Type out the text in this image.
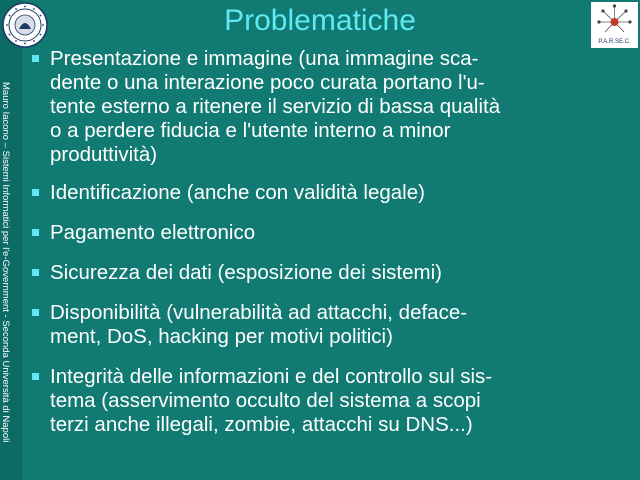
Mauro Iacono – Sistemi Informatici per l'e-Government - Seconda Università di Napoli
P.A.R.SE.C.
Problematiche
Presentazione e immagine (una immagine sca-
dente o una interazione poco curata portano l'u-
tente esterno a ritenere il servizio di bassa qualità
o a perdere fiducia e l'utente interno a minor
produttività)
Identificazione (anche con validità legale)
Pagamento elettronico
Sicurezza dei dati (esposizione dei sistemi)
Disponibilità (vulnerabilità ad attacchi, deface-
ment, DoS, hacking per motivi politici)
Integrità delle informazioni e del controllo sul sis-
tema (asservimento occulto del sistema a scopi
terzi anche illegali, zombie, attacchi su DNS...)
